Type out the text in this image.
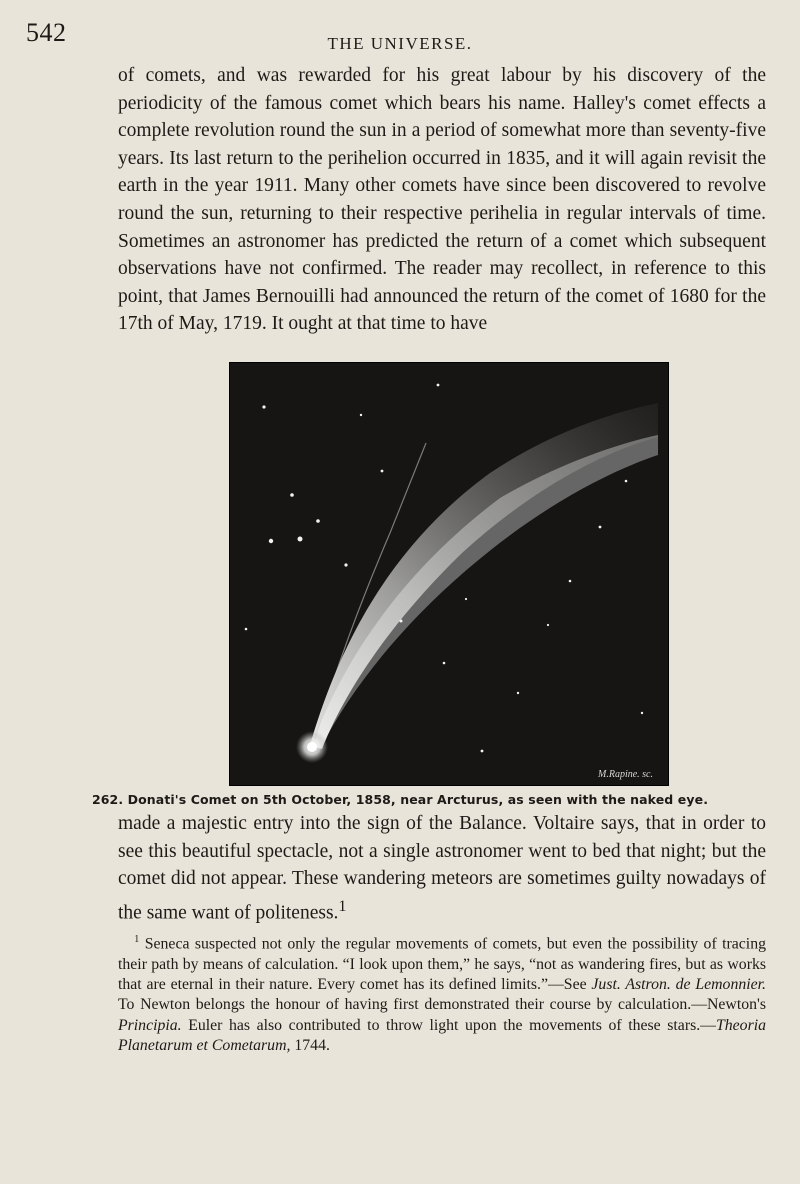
542	THE UNIVERSE.

of comets, and was rewarded for his great labour by his discovery of the periodicity of the famous comet which bears his name. Halley's comet effects a complete revolution round the sun in a period of somewhat more than seventy-five years. Its last return to the perihelion occurred in 1835, and it will again revisit the earth in the year 1911. Many other comets have since been discovered to revolve round the sun, returning to their respective perihelia in regular intervals of time. Sometimes an astronomer has predicted the return of a comet which subsequent observations have not confirmed. The reader may recollect, in reference to this point, that James Bernouilli had announced the return of the comet of 1680 for the 17th of May, 1719. It ought at that time to have

M.Rapine. sc.
262. Donati's Comet on 5th October, 1858, near Arcturus, as seen with the naked eye.

made a majestic entry into the sign of the Balance. Voltaire says, that in order to see this beautiful spectacle, not a single astronomer went to bed that night; but the comet did not appear. These wandering meteors are sometimes guilty nowadays of the same want of politeness.$^1$

$^1$ Seneca suspected not only the regular movements of comets, but even the possibility of tracing their path by means of calculation. “I look upon them,” he says, “not as wandering fires, but as works that are eternal in their nature. Every comet has its defined limits.”—See Just. Astron. de Lemonnier. To Newton belongs the honour of having first demonstrated their course by calculation.—Newton's Principia. Euler has also contributed to throw light upon the movements of these stars.—Theoria Planetarum et Cometarum, 1744.
